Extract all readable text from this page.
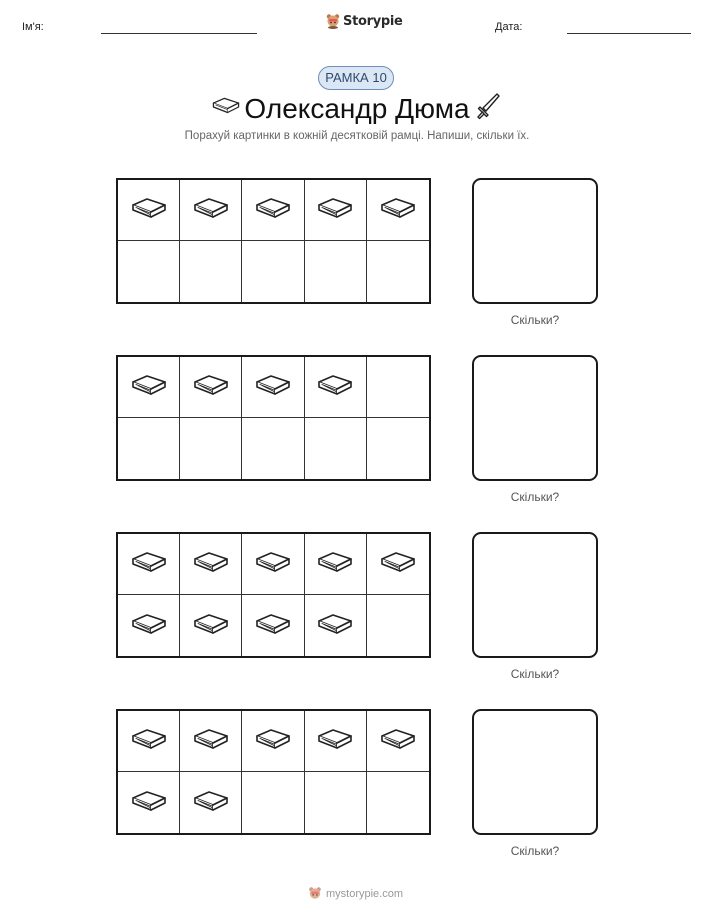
Ім'я:	Storypie	Дата:
РАМКА 10
Олександр Дюма
Порахуй картинки в кожній десятковій рамці. Напиши, скільки їх.
Скільки?
Скільки?
Скільки?
Скільки?
mystorypie.com
